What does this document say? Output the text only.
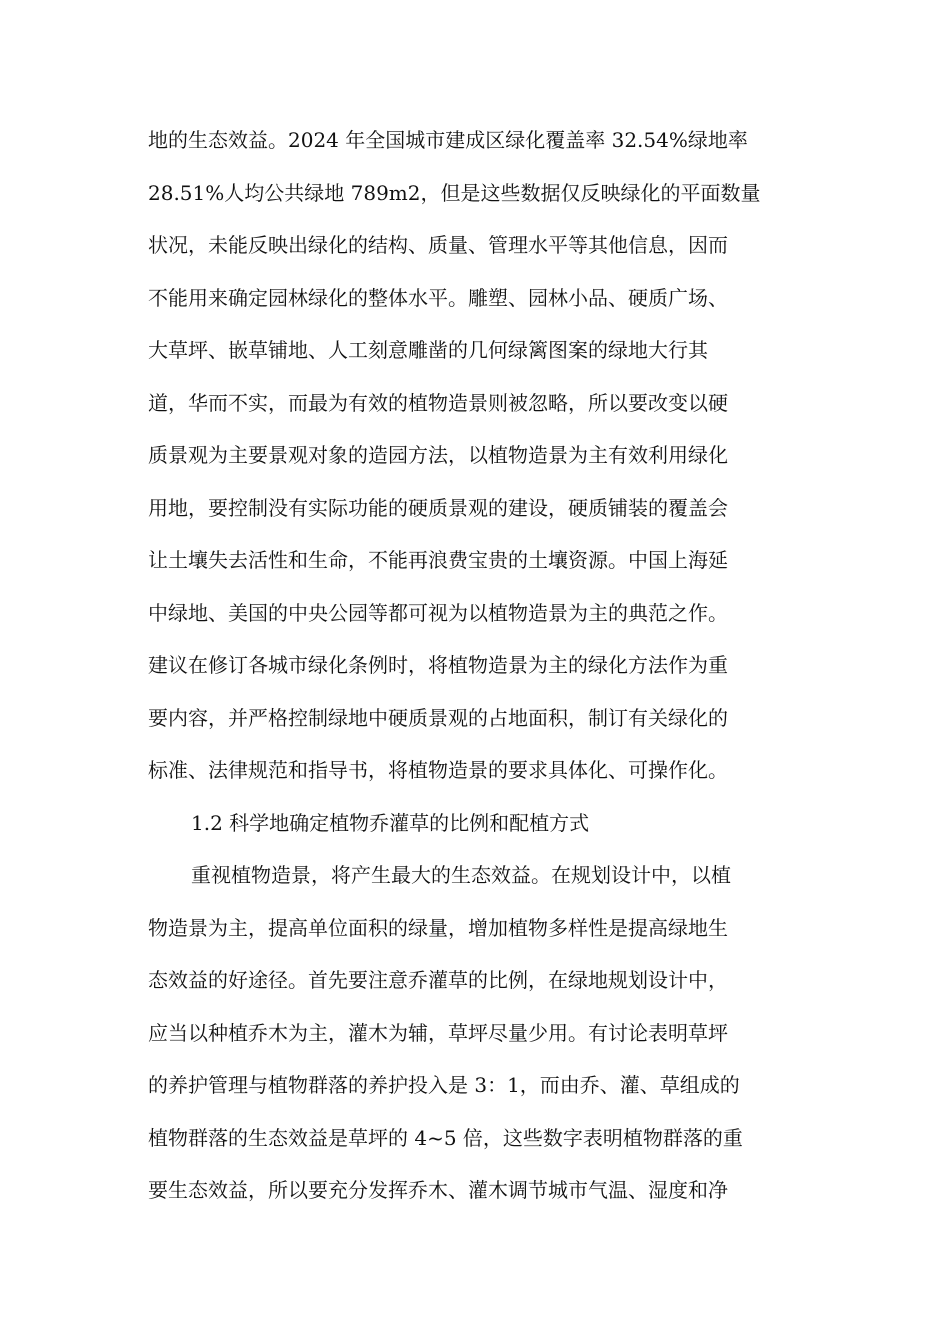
地的生态效益。2024 年全国城市建成区绿化覆盖率 32.54%绿地率
28.51%人均公共绿地 789m2，但是这些数据仅反映绿化的平面数量
状况，未能反映出绿化的结构、质量、管理水平等其他信息，因而
不能用来确定园林绿化的整体水平。雕塑、园林小品、硬质广场、
大草坪、嵌草铺地、人工刻意雕凿的几何绿篱图案的绿地大行其
道，华而不实，而最为有效的植物造景则被忽略，所以要改变以硬
质景观为主要景观对象的造园方法，以植物造景为主有效利用绿化
用地，要控制没有实际功能的硬质景观的建设，硬质铺装的覆盖会
让土壤失去活性和生命，不能再浪费宝贵的土壤资源。中国上海延
中绿地、美国的中央公园等都可视为以植物造景为主的典范之作。
建议在修订各城市绿化条例时，将植物造景为主的绿化方法作为重
要内容，并严格控制绿地中硬质景观的占地面积，制订有关绿化的
标准、法律规范和指导书，将植物造景的要求具体化、可操作化。
1.2 科学地确定植物乔灌草的比例和配植方式
重视植物造景，将产生最大的生态效益。在规划设计中，以植
物造景为主，提高单位面积的绿量，增加植物多样性是提高绿地生
态效益的好途径。首先要注意乔灌草的比例，在绿地规划设计中，
应当以种植乔木为主，灌木为辅，草坪尽量少用。有讨论表明草坪
的养护管理与植物群落的养护投入是 3：1，而由乔、灌、草组成的
植物群落的生态效益是草坪的 4~5 倍，这些数字表明植物群落的重
要生态效益，所以要充分发挥乔木、灌木调节城市气温、湿度和净
